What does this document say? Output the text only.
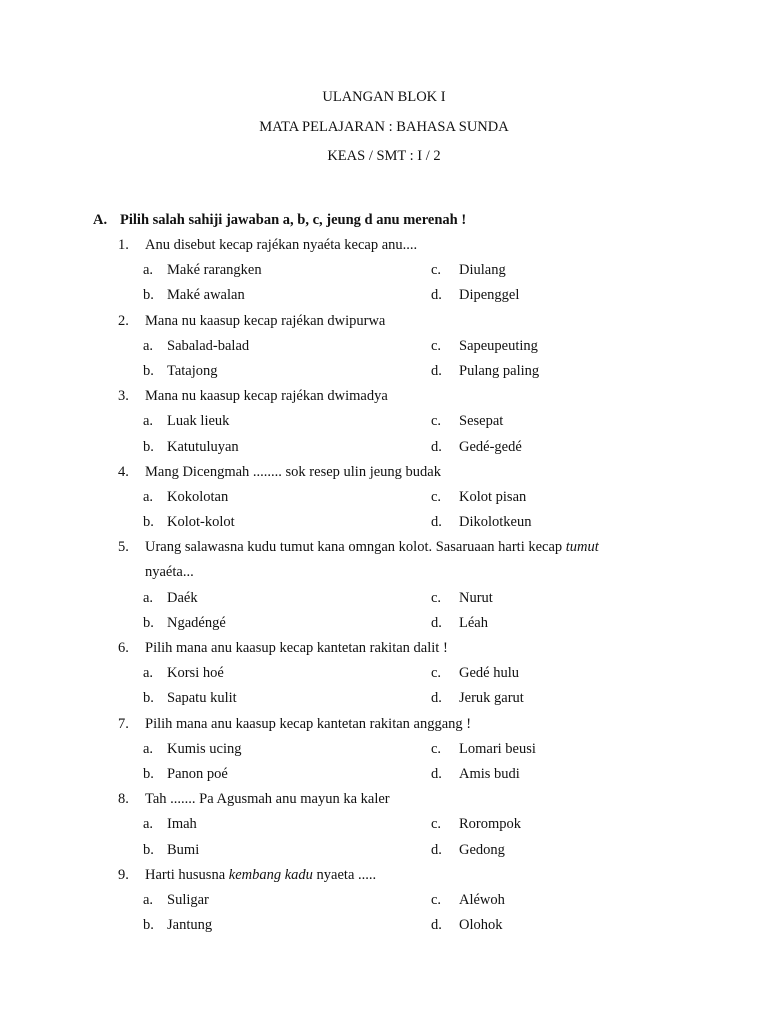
ULANGAN BLOK I
MATA PELAJARAN : BAHASA SUNDA
KEAS / SMT : I / 2
A. Pilih salah sahiji jawaban a, b, c, jeung d anu merenah !
1. Anu disebut kecap rajékan nyaéta kecap anu....
a. Maké rarangken	c. Diulang
b. Maké awalan	d. Dipenggel
2. Mana nu kaasup kecap rajékan dwipurwa
a. Sabalad-balad	c. Sapeupeuting
b. Tatajong	d. Pulang paling
3. Mana nu kaasup kecap rajékan dwimadya
a. Luak lieuk	c. Sesepat
b. Katutuluyan	d. Gedé-gedé
4. Mang Dicengmah ........ sok resep ulin jeung budak
a. Kokolotan	c. Kolot pisan
b. Kolot-kolot	d. Dikolotkeun
5. Urang salawasna kudu tumut kana omngan kolot. Sasaruaan harti kecap tumut
nyaéta...
a. Daék	c. Nurut
b. Ngadéngé	d. Léah
6. Pilih mana anu kaasup kecap kantetan rakitan dalit !
a. Korsi hoé	c. Gedé hulu
b. Sapatu kulit	d. Jeruk garut
7. Pilih mana anu kaasup kecap kantetan rakitan anggang !
a. Kumis ucing	c. Lomari beusi
b. Panon poé	d. Amis budi
8. Tah ....... Pa Agusmah anu mayun ka kaler
a. Imah	c. Rorompok
b. Bumi	d. Gedong
9. Harti hususna kembang kadu nyaeta .....
a. Suligar	c. Aléwoh
b. Jantung	d. Olohok
